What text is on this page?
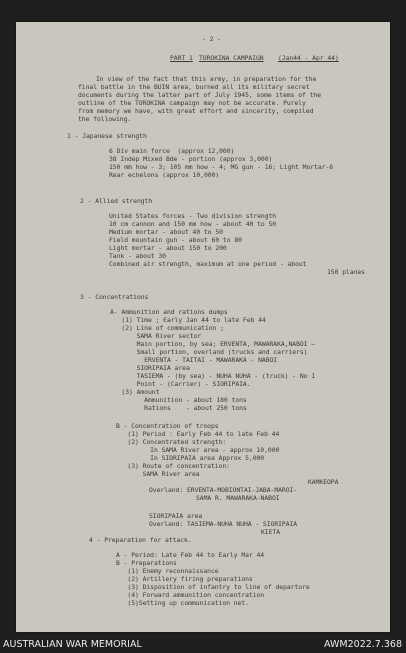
- 2 -
PART 1 TOROKINA CAMPAIGN (Jan44 - Apr 44)
In view of the fact that this army, in preparation for the
final battle in the BUIN area, burned all its military secret
documents during the latter part of July 1945, some items of the
outline of the TOROKINA campaign may not be accurate. Purely
from memory we have, with great effort and sincerity, compiled
the following.
1 - Japanese strength
6 Div main force  (approx 12,000)
38 Indep Mixed Bde - portion (approx 3,000)
150 mm how - 3; 105 mm how - 4; MG gun - 16; Light Mortar-6
Rear echelons (approx 10,000)
2 - Allied strength
United States forces - Two division strength
10 cm cannon and 150 mm how - about 40 to 50
Medium mortar - about 40 to 50
Field mountain gun - about 60 to 80
Light mortar - about 150 to 200
Tank - about 30
Combined air strength, maximum at one period - about
150 planes
3 - Concentrations
A- Ammunition and rations dumps
(1) Time ; Early Jan 44 to late Feb 44
(2) Line of communication ;
SAMA River sector
Main portion, by sea; ERVENTA, MAWARAKA,NABOI –
Small portion, overland (trucks and carriers)
ERVENTA - TAITAI - MAWARAKA - NABOI
SIORIPAIA area
TASIEMA - (by sea) - NUHA NUHA - (truck) - No 1
Point - (Carrier) - SIORIPAIA.
(3) Amount
Ammunition - about 180 tons
Rations    - about 250 tons
B - Concentration of troops
(1) Period : Early Feb 44 to late Feb 44
(2) Concentrated strength:
In SAMA River area - approx 10,000
In SIORIPAIA area Approx 5,000
(3) Route of concentration:
SAMA River area
KAMKEOPA
Overland: ERVENTA-MOBIONTAI-JABA-MAROI-
SAMA R. MAWARAKA-NABOI
SIORIPAIA area
Overland: TASIEMA-NUHA NUHA - SIORIPAIA
KIETA
4 - Preparation for attack.
A - Period: Late Feb 44 to Early Mar 44
B - Preparations
(1) Enemy reconnaissance
(2) Artillery firing preparations
(3) Disposition of infantry to line of departure
(4) Forward ammunition concentration
(5)Setting up communication net.
AUSTRALIAN WAR MEMORIAL	AWM2022.7.368
